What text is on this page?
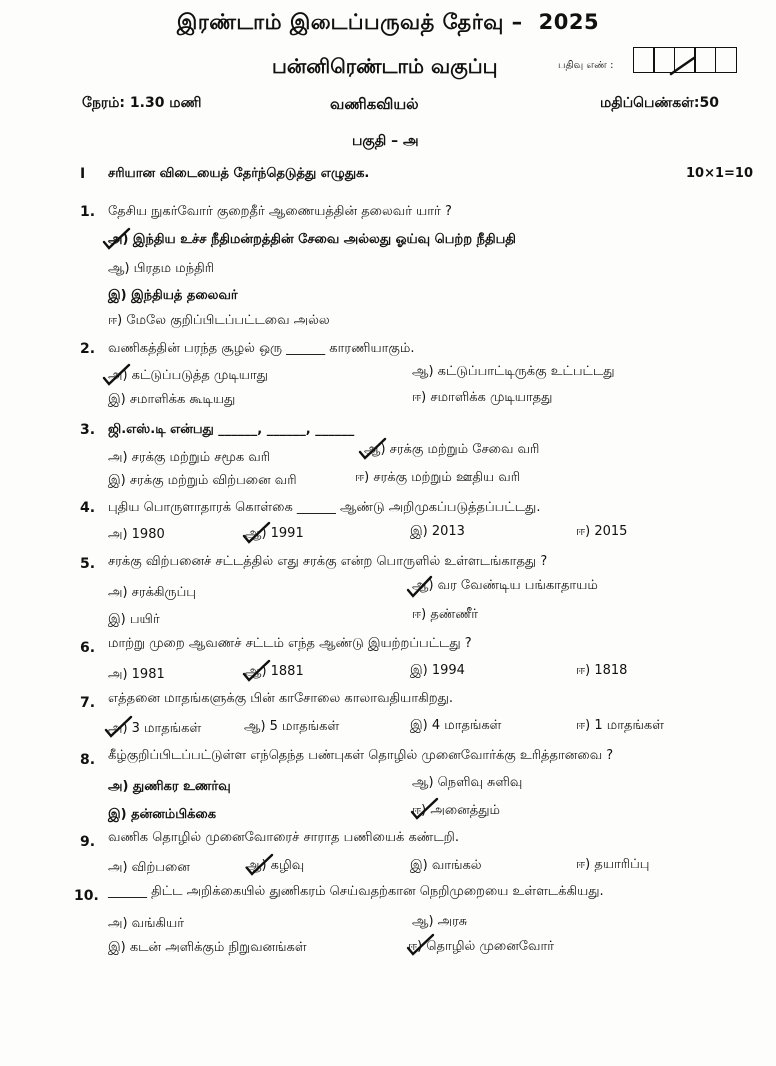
இரண்டாம் இடைப்பருவத் தேர்வு – 2025
பன்னிரெண்டாம் வகுப்பு	பதிவு எண் :
நேரம்: 1.30 மணி	வணிகவியல்	மதிப்பெண்கள்:50
பகுதி – அ
I சரியான விடையைத் தேர்ந்தெடுத்து எழுதுக.	10×1=10
1. தேசிய நுகர்வோர் குறைதீர் ஆணையத்தின் தலைவர் யார் ?
அ) இந்திய உச்ச நீதிமன்றத்தின் சேவை அல்லது ஓய்வு பெற்ற நீதிபதி
ஆ) பிரதம மந்திரி
இ) இந்தியத் தலைவர்
ஈ) மேலே குறிப்பிடப்பட்டவை அல்ல
2. வணிகத்தின் பரந்த சூழல் ஒரு ______ காரணியாகும்.
அ) கட்டுப்படுத்த முடியாது	ஆ) கட்டுப்பாட்டிருக்கு உட்பட்டது
இ) சமாளிக்க கூடியது	ஈ) சமாளிக்க முடியாதது
3. ஜி.எஸ்.டி என்பது ______, ______, ______
அ) சரக்கு மற்றும் சமூக வரி
ஆ) சரக்கு மற்றும் சேவை வரி
இ) சரக்கு மற்றும் விற்பனை வரி	ஈ) சரக்கு மற்றும் ஊதிய வரி
4. புதிய பொருளாதாரக் கொள்கை ______ ஆண்டு அறிமுகப்படுத்தப்பட்டது.
அ) 1980	ஆ) 1991	இ) 2013	ஈ) 2015
5. சரக்கு விற்பனைச் சட்டத்தில் எது சரக்கு என்ற பொருளில் உள்ளடங்காதது ?
அ) சரக்கிருப்பு	ஆ) வர வேண்டிய பங்காதாயம்
இ) பயிர்	ஈ) தண்ணீர்
6. மாற்று முறை ஆவணச் சட்டம் எந்த ஆண்டு இயற்றப்பட்டது ?
அ) 1981	ஆ) 1881	இ) 1994	ஈ) 1818
7. எத்தனை மாதங்களுக்கு பின் காசோலை காலாவதியாகிறது.
அ) 3 மாதங்கள்	ஆ) 5 மாதங்கள்	இ) 4 மாதங்கள்	ஈ) 1 மாதங்கள்
8. கீழ்குறிப்பிடப்பட்டுள்ள எந்தெந்த பண்புகள் தொழில் முனைவோர்க்கு உரித்தானவை ?
அ) துணிகர உணர்வு	ஆ) நெளிவு சுளிவு
இ) தன்னம்பிக்கை	ஈ) அனைத்தும்
9. வணிக தொழில் முனைவோரைச் சாராத பணியைக் கண்டறி.
அ) விற்பனை	ஆ) கழிவு	இ) வாங்கல்	ஈ) தயாரிப்பு
10. ______ திட்ட அறிக்கையில் துணிகரம் செய்வதற்கான நெறிமுறையை உள்ளடக்கியது.
அ) வங்கியர்	ஆ) அரசு
இ) கடன் அளிக்கும் நிறுவனங்கள்	ஈ) தொழில் முனைவோர்
